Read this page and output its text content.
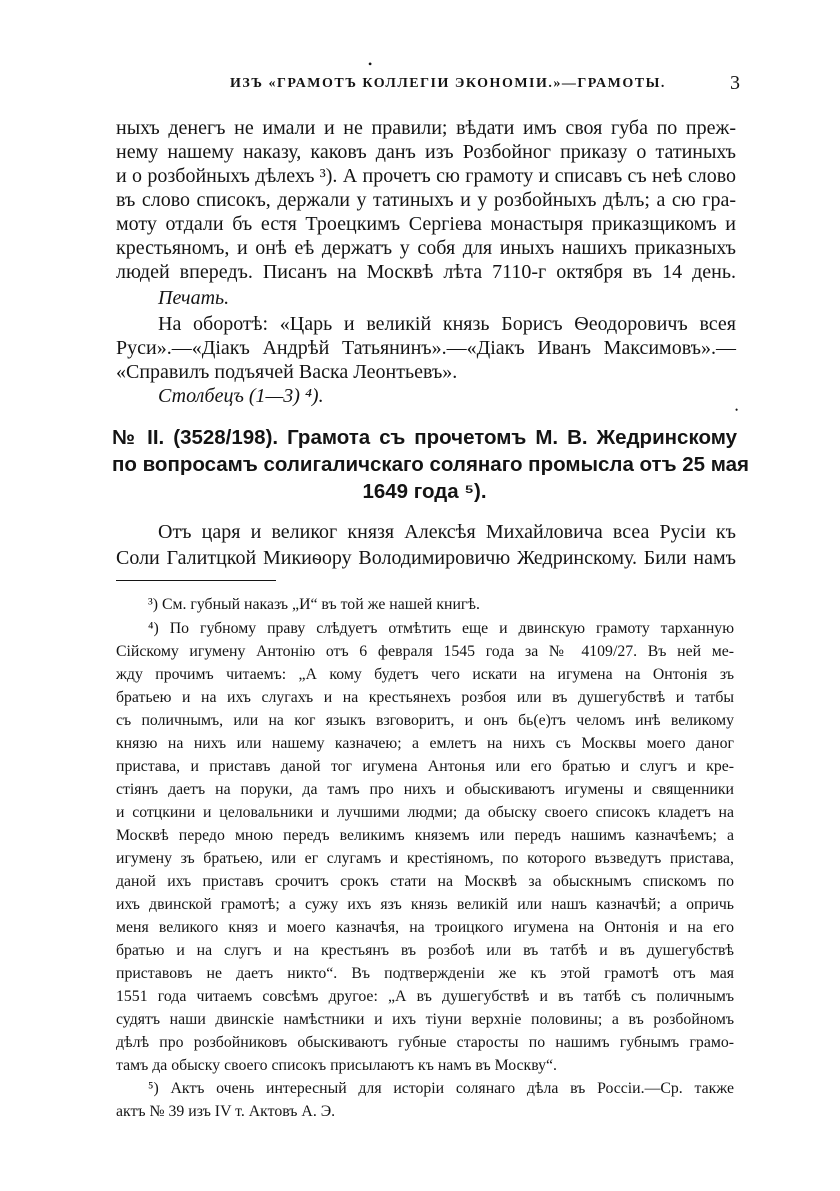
•
•
ИЗЪ «ГРАМОТЪ КОЛЛЕГІИ ЭКОНОМІИ.»—ГРАМОТЫ.	3
ныхъ денегъ не имали и не правили; вѣдати имъ своя губа по преж-
нему нашему наказу, каковъ данъ изъ Розбойног приказу о татиныхъ
и о розбойныхъ дѣлехъ ³). А прочетъ сю грамоту и списавъ съ неѣ слово
въ слово списокъ, держали у татиныхъ и у розбойныхъ дѣлъ; а сю гра-
моту отдали бъ естя Троецкимъ Сергіева монастыря приказщикомъ и
крестьяномъ, и онѣ еѣ держатъ у собя для иныхъ нашихъ приказныхъ
людей впередъ. Писанъ на Москвѣ лѣта 7110-г октября въ 14 день.
Печать.
На оборотѣ: «Царь и великій князь Борисъ Ѳеодоровичъ всея
Руси».—«Діакъ Андрѣй Татьянинъ».—«Діакъ Иванъ Максимовъ».—
«Справилъ подъячей Васка Леонтьевъ».
Столбецъ (1—3) ⁴).
№ II. (3528/198). Грамота съ прочетомъ М. В. Жедринскому
по вопросамъ солигаличскаго солянаго промысла отъ 25 мая
1649 года ⁵).
Отъ царя и великог князя Алексѣя Михайловича всеа Русіи къ
Соли Галитцкой Микиѳору Володимировичю Жедринскому. Били намъ
³) См. губный наказъ „И“ въ той же нашей книгѣ.
⁴) По губному праву слѣдуетъ отмѣтить еще и двинскую грамоту тарханную
Сійскому игумену Антонію отъ 6 февраля 1545 года за № 4109/27. Въ ней ме-
жду прочимъ читаемъ: „А кому будетъ чего искати на игумена на Онтонія зъ
братьею и на ихъ слугахъ и на крестьянехъ розбоя или въ душегубствѣ и татбы
съ поличнымъ, или на ког языкъ взговоритъ, и онъ бь(е)тъ челомъ инѣ великому
князю на нихъ или нашему казначею; а емлетъ на нихъ съ Москвы моего даног
пристава, и приставъ даной тог игумена Антонья или его братью и слугъ и кре-
стіянъ даетъ на поруки, да тамъ про нихъ и обыскиваютъ игумены и священники
и сотцкини и целовальники и лучшими людми; да обыску своего списокъ кладетъ на
Москвѣ передо мною передъ великимъ княземъ или передъ нашимъ казначѣемъ; а
игумену зъ братьею, или ег слугамъ и крестіяномъ, по которого възведутъ пристава,
даной ихъ приставъ срочитъ срокъ стати на Москвѣ за обыскнымъ спискомъ по
ихъ двинской грамотѣ; а сужу ихъ язъ князь великій или нашъ казначѣй; а опричь
меня великого княз и моего казначѣя, на троицкого игумена на Онтонія и на его
братью и на слугъ и на крестьянъ въ розбоѣ или въ татбѣ и въ душегубствѣ
приставовъ не даетъ никто“. Въ подтвержденіи же къ этой грамотѣ отъ мая
1551 года читаемъ совсѣмъ другое: „А въ душегубствѣ и въ татбѣ съ поличнымъ
судятъ наши двинскіе намѣстники и ихъ тіуни верхніе половины; а въ розбойномъ
дѣлѣ про розбойниковъ обыскиваютъ губные старосты по нашимъ губнымъ грамо-
тамъ да обыску своего списокъ присылаютъ къ намъ въ Москву“.
⁵) Актъ очень интересный для исторіи солянаго дѣла въ Россіи.—Ср. также
актъ № 39 изъ IV т. Актовъ А. Э.
